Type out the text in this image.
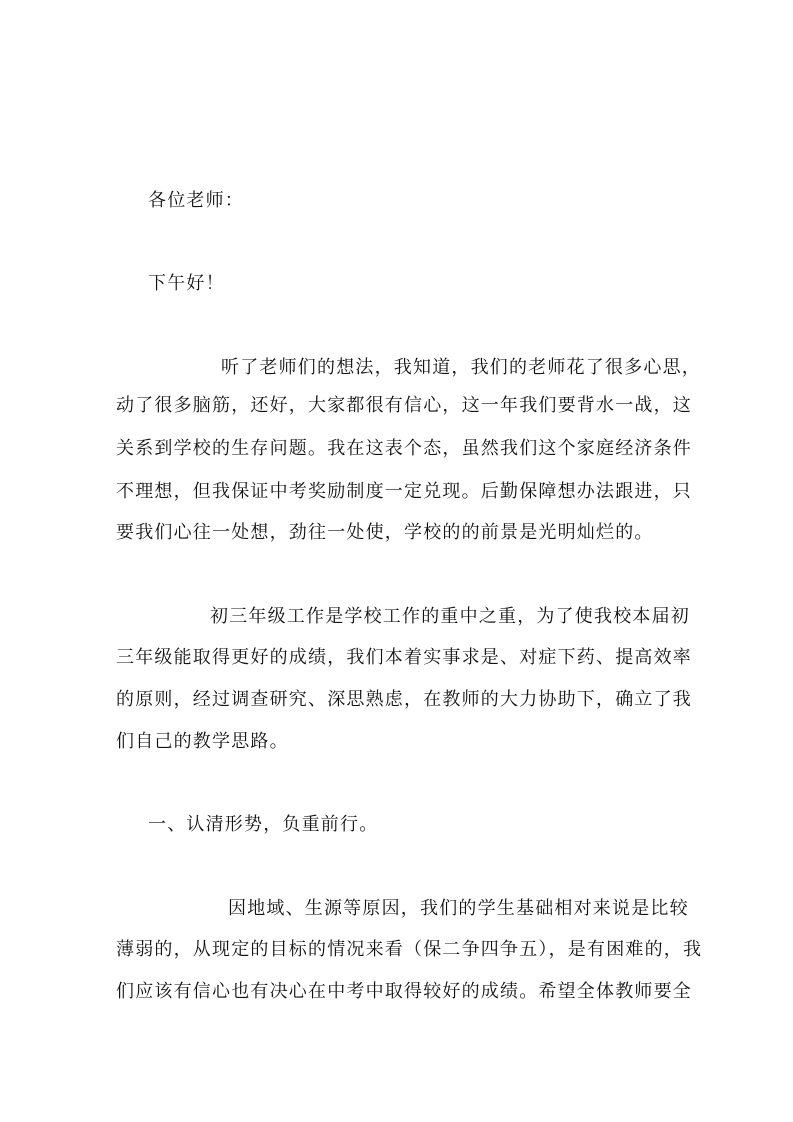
各位老师：
下午好！
听了老师们的想法，我知道，我们的老师花了很多心思，
动了很多脑筋，还好，大家都很有信心，这一年我们要背水一战，这
关系到学校的生存问题。我在这表个态，虽然我们这个家庭经济条件
不理想，但我保证中考奖励制度一定兑现。后勤保障想办法跟进，只
要我们心往一处想，劲往一处使，学校的的前景是光明灿烂的。
初三年级工作是学校工作的重中之重，为了使我校本届初
三年级能取得更好的成绩，我们本着实事求是、对症下药、提高效率
的原则，经过调查研究、深思熟虑，在教师的大力协助下，确立了我
们自己的教学思路。
一、认清形势，负重前行。
因地域、生源等原因，我们的学生基础相对来说是比较
薄弱的，从现定的目标的情况来看（保二争四争五），是有困难的，我
们应该有信心也有决心在中考中取得较好的成绩。希望全体教师要全
